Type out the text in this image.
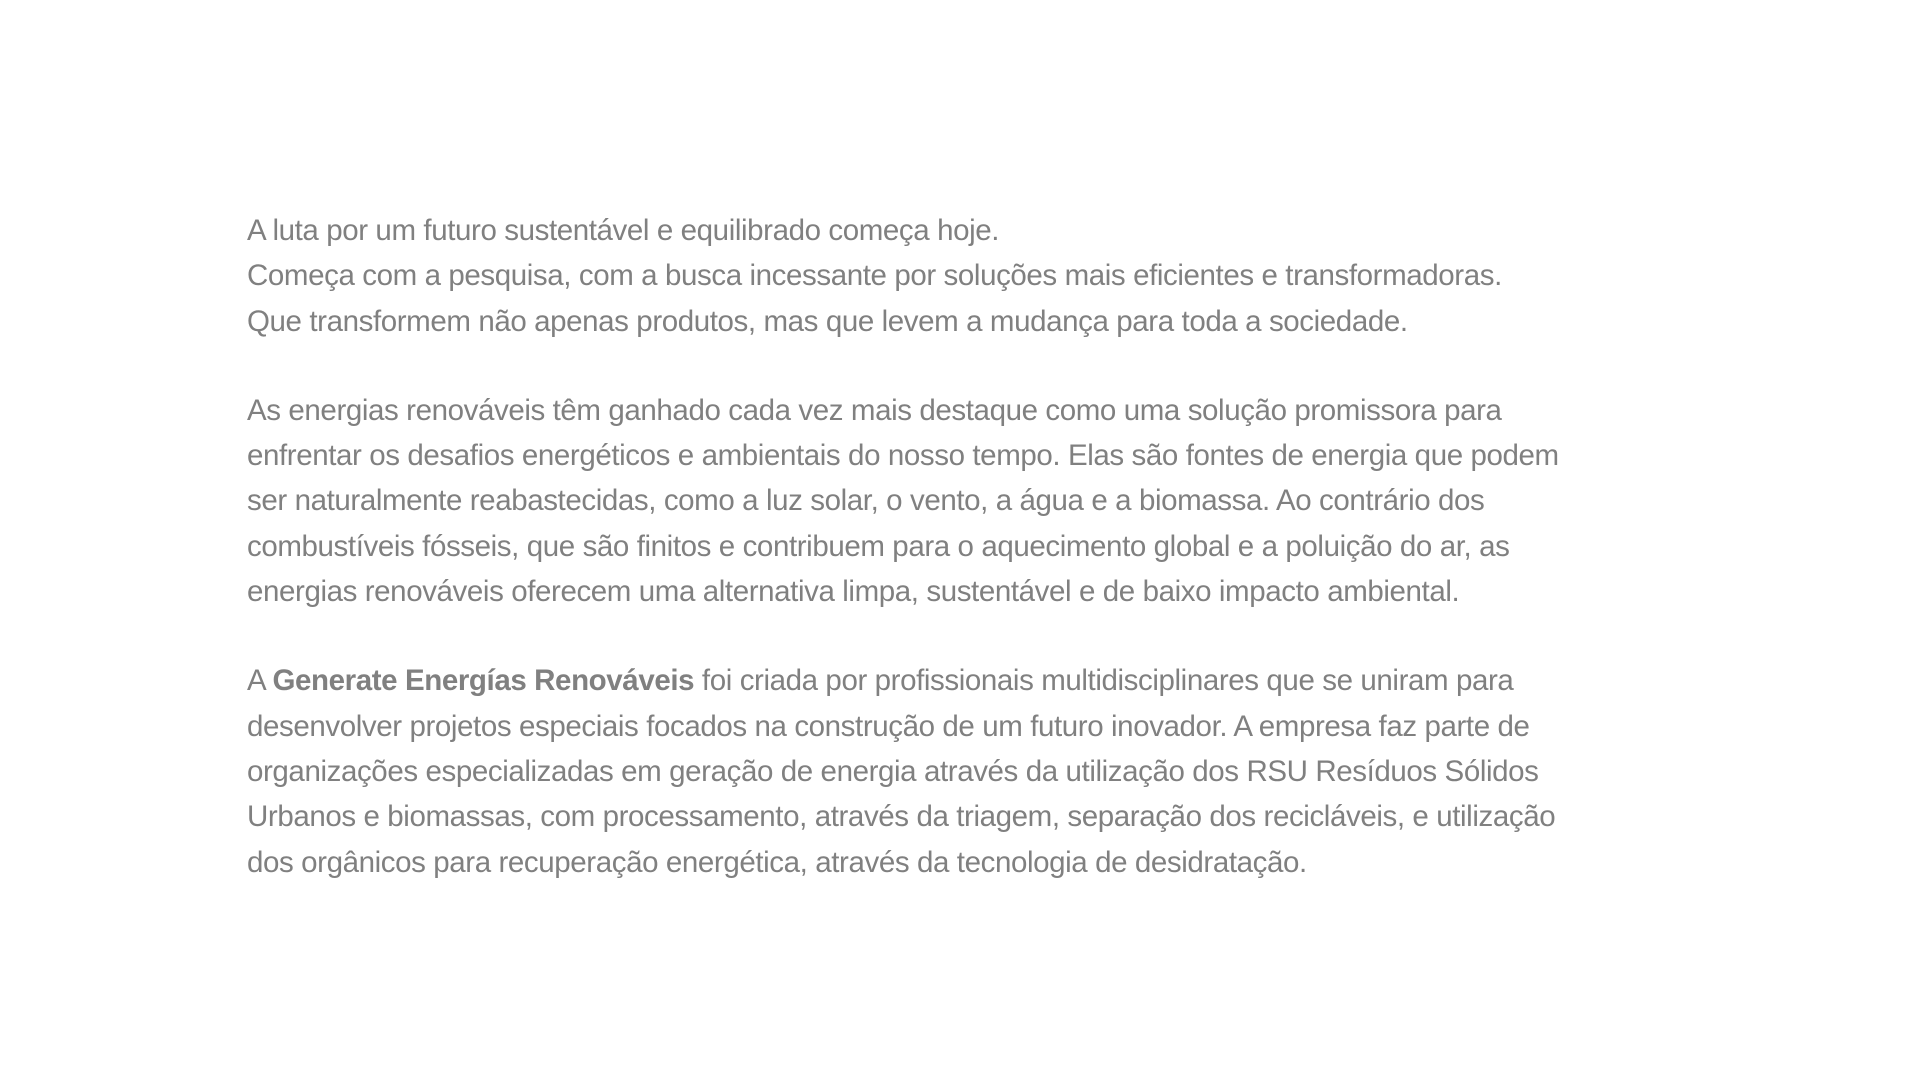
A luta por um futuro sustentável e equilibrado começa hoje.
Começa com a pesquisa, com a busca incessante por soluções mais eficientes e transformadoras.
Que transformem não apenas produtos, mas que levem a mudança para toda a sociedade.

As energias renováveis têm ganhado cada vez mais destaque como uma solução promissora para
enfrentar os desafios energéticos e ambientais do nosso tempo. Elas são fontes de energia que podem
ser naturalmente reabastecidas, como a luz solar, o vento, a água e a biomassa. Ao contrário dos
combustíveis fósseis, que são finitos e contribuem para o aquecimento global e a poluição do ar, as
energias renováveis oferecem uma alternativa limpa, sustentável e de baixo impacto ambiental.

A Generate Energías Renováveis foi criada por profissionais multidisciplinares que se uniram para
desenvolver projetos especiais focados na construção de um futuro inovador. A empresa faz parte de
organizações especializadas em geração de energia através da utilização dos RSU Resíduos Sólidos
Urbanos e biomassas, com processamento, através da triagem, separação dos recicláveis, e utilização
dos orgânicos para recuperação energética, através da tecnologia de desidratação.
